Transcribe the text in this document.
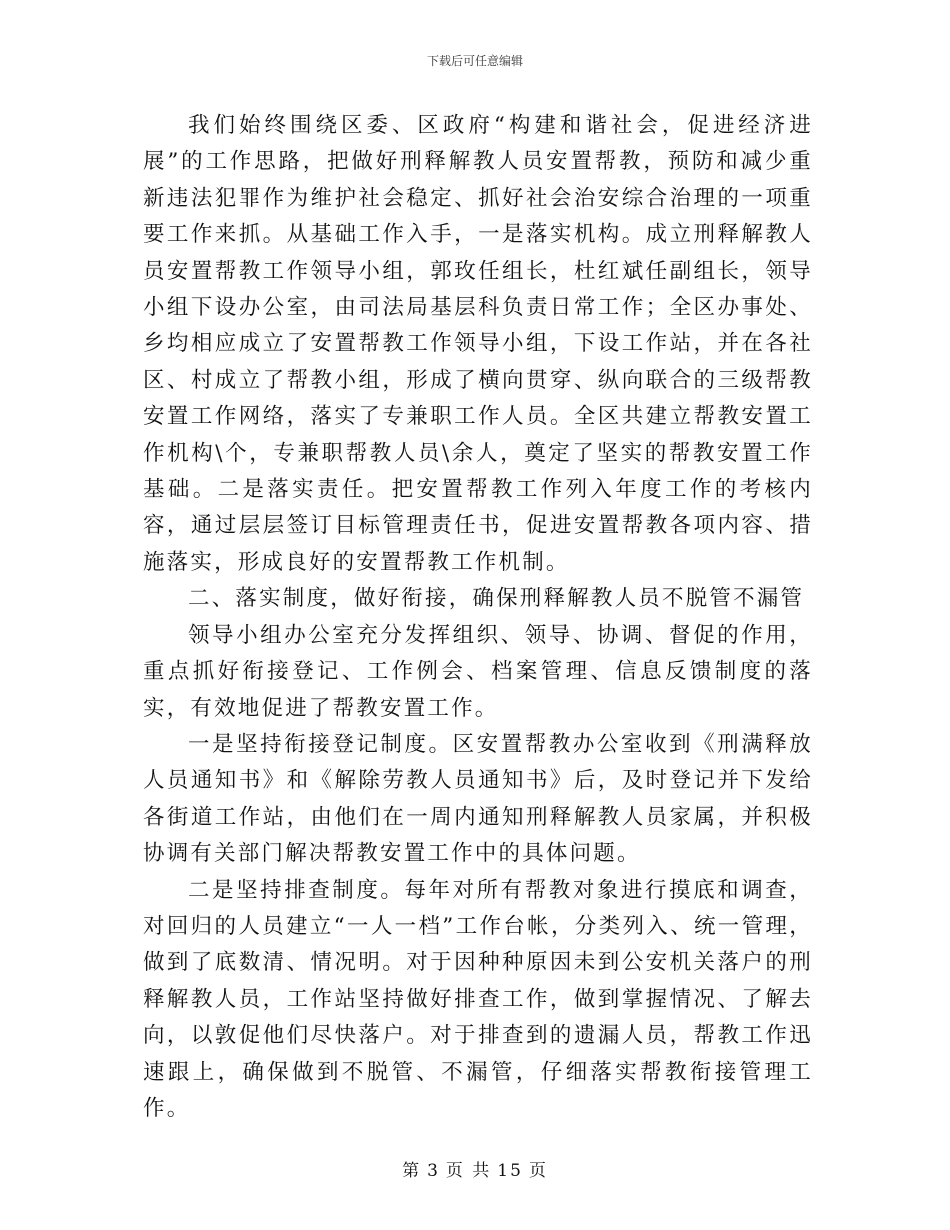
下载后可任意编辑

我们始终围绕区委、区政府“构建和谐社会，促进经济进展”的工作思路，把做好刑释解教人员安置帮教，预防和减少重新违法犯罪作为维护社会稳定、抓好社会治安综合治理的一项重要工作来抓。从基础工作入手，一是落实机构。成立刑释解教人员安置帮教工作领导小组，郭玫任组长，杜红斌任副组长，领导小组下设办公室，由司法局基层科负责日常工作；全区办事处、乡均相应成立了安置帮教工作领导小组，下设工作站，并在各社区、村成立了帮教小组，形成了横向贯穿、纵向联合的三级帮教安置工作网络，落实了专兼职工作人员。全区共建立帮教安置工作机构\个，专兼职帮教人员\余人，奠定了坚实的帮教安置工作基础。二是落实责任。把安置帮教工作列入年度工作的考核内容，通过层层签订目标管理责任书，促进安置帮教各项内容、措施落实，形成良好的安置帮教工作机制。

二、落实制度，做好衔接，确保刑释解教人员不脱管不漏管

领导小组办公室充分发挥组织、领导、协调、督促的作用，重点抓好衔接登记、工作例会、档案管理、信息反馈制度的落实，有效地促进了帮教安置工作。

一是坚持衔接登记制度。区安置帮教办公室收到《刑满释放人员通知书》和《解除劳教人员通知书》后，及时登记并下发给各街道工作站，由他们在一周内通知刑释解教人员家属，并积极协调有关部门解决帮教安置工作中的具体问题。

二是坚持排查制度。每年对所有帮教对象进行摸底和调查，对回归的人员建立“一人一档”工作台帐，分类列入、统一管理，做到了底数清、情况明。对于因种种原因未到公安机关落户的刑释解教人员，工作站坚持做好排查工作，做到掌握情况、了解去向，以敦促他们尽快落户。对于排查到的遗漏人员，帮教工作迅速跟上，确保做到不脱管、不漏管，仔细落实帮教衔接管理工作。

第 3 页 共 15 页
